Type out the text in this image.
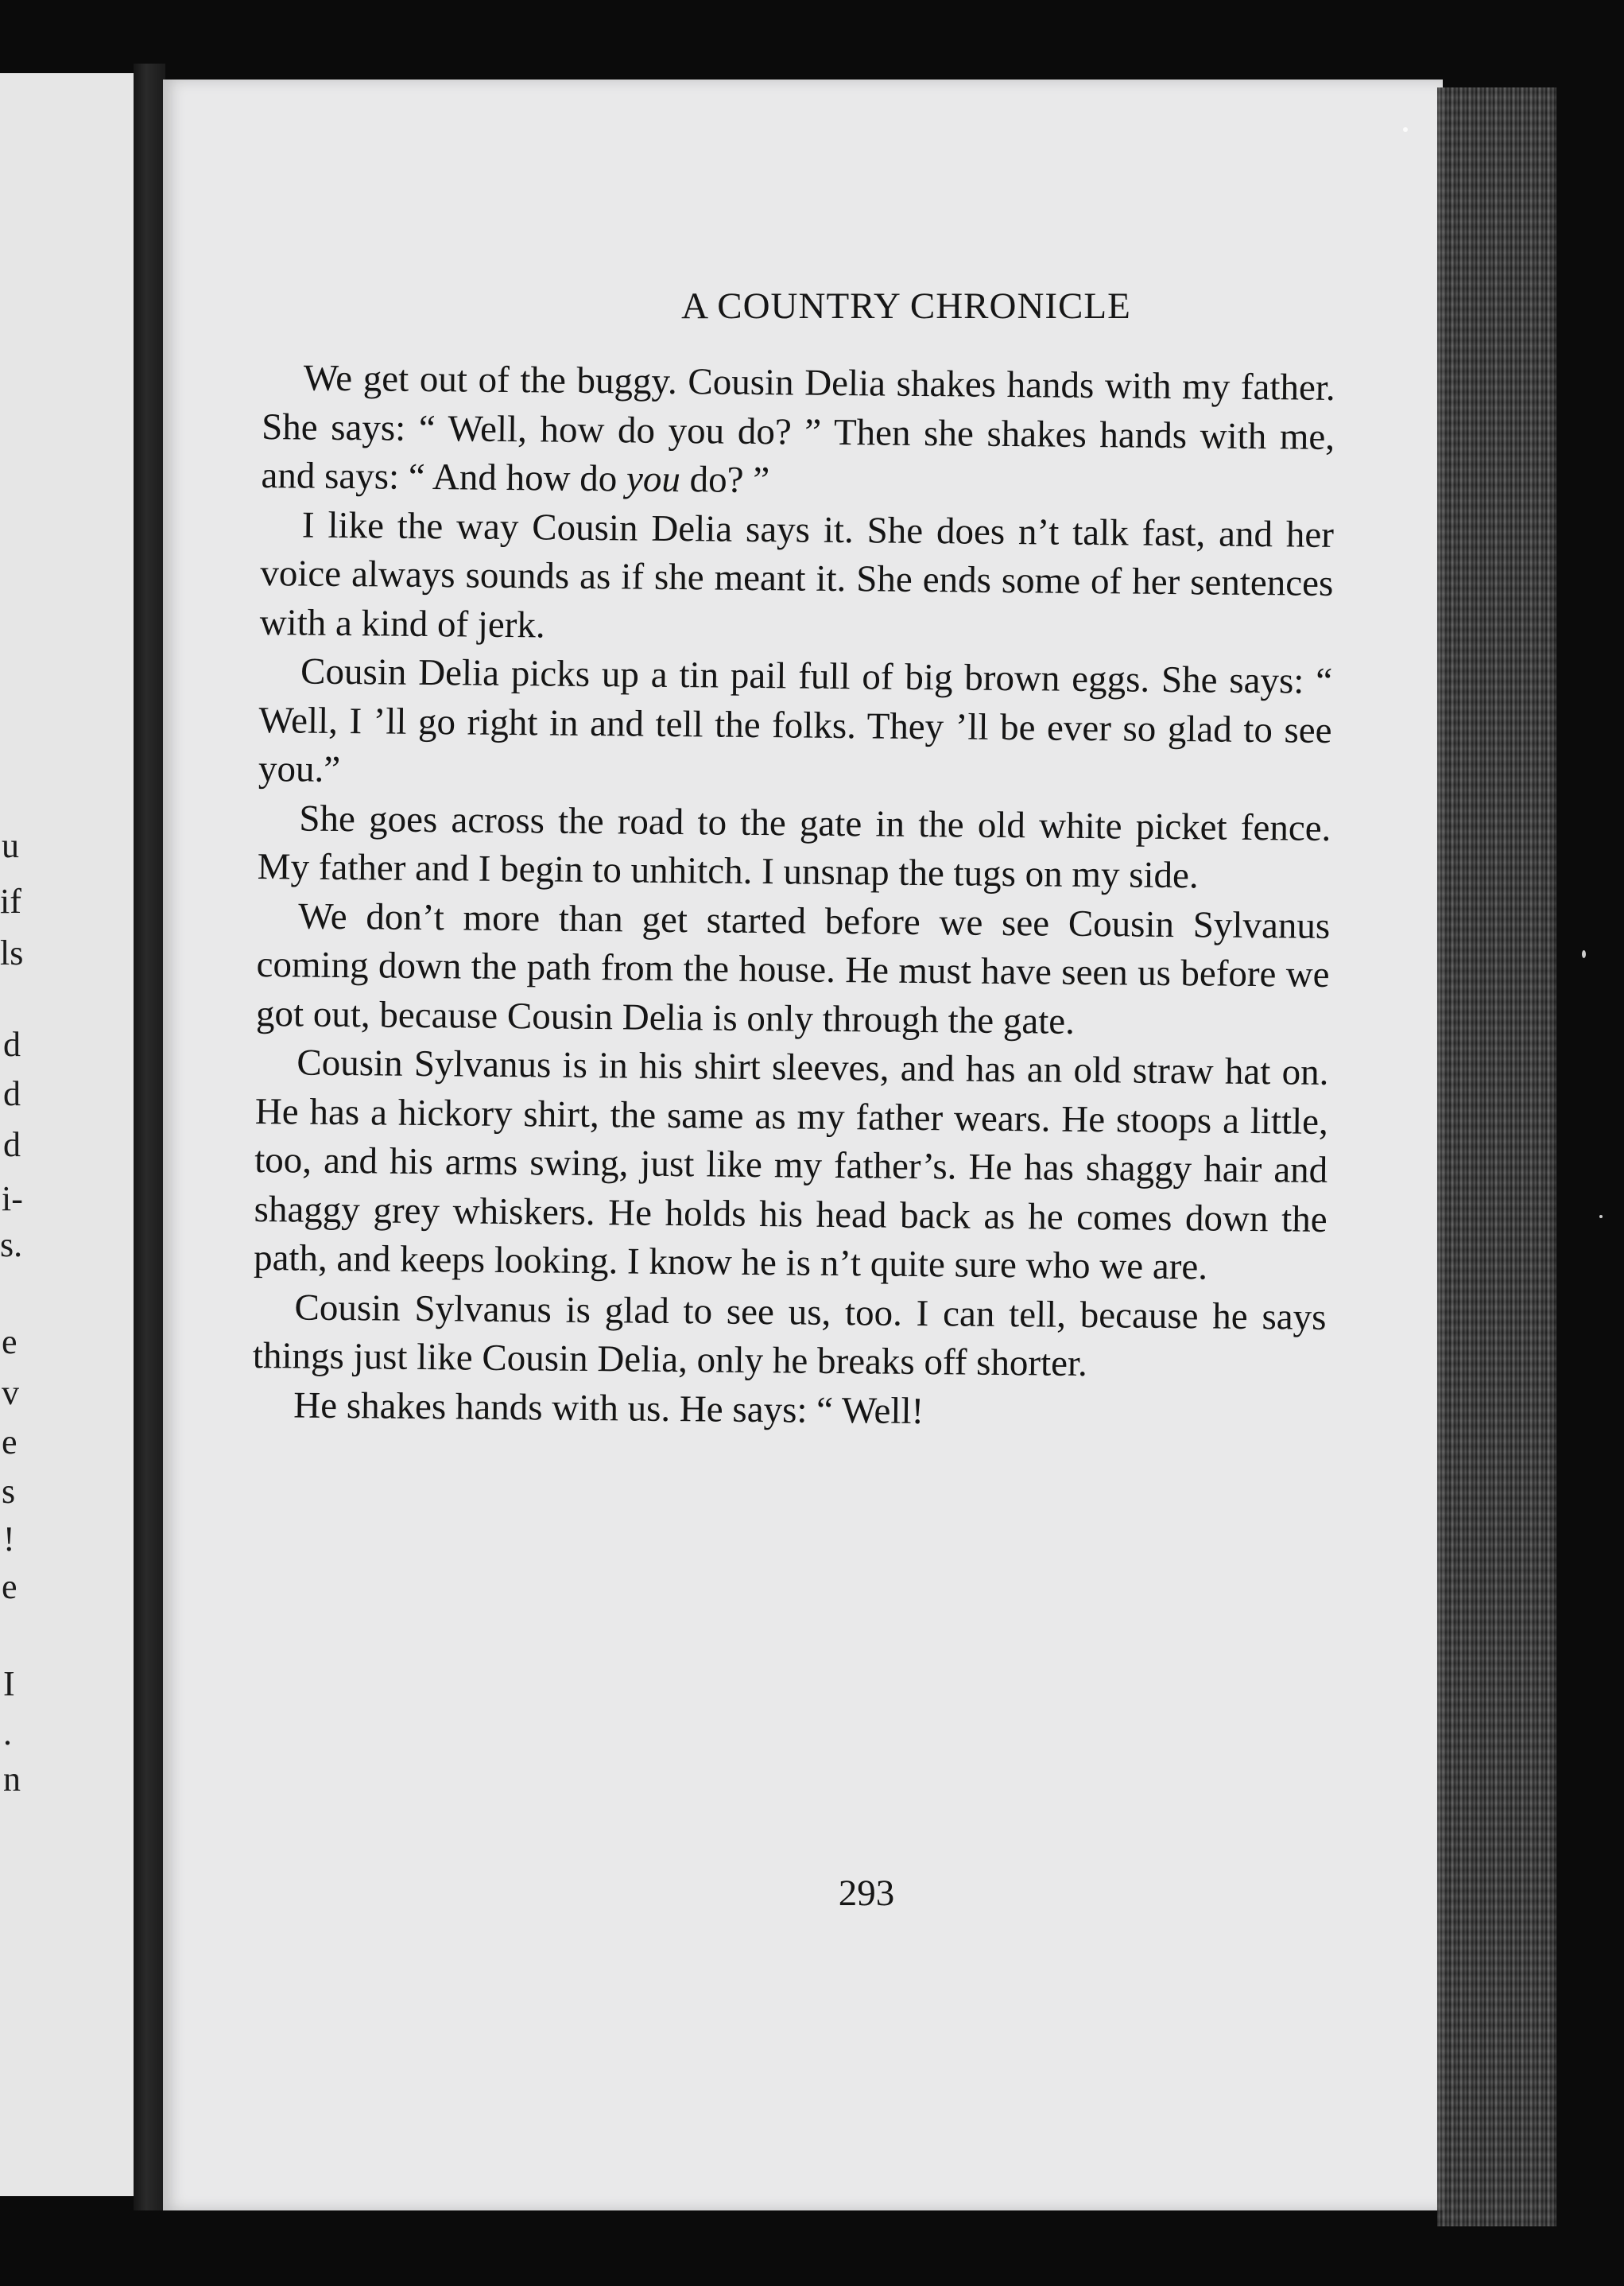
u
if
ls
d
d
d
i-
s.
e
v
e
s
!
e
I
.
n
A COUNTRY CHRONICLE

We get out of the buggy. Cousin Delia shakes hands with my father. She says: “ Well, how do you do? ” Then she shakes hands with me, and says: “ And how do you do? ”

I like the way Cousin Delia says it. She does n’t talk fast, and her voice always sounds as if she meant it. She ends some of her sentences with a kind of jerk.

Cousin Delia picks up a tin pail full of big brown eggs. She says: “ Well, I ’ll go right in and tell the folks. They ’ll be ever so glad to see you.”

She goes across the road to the gate in the old white picket fence. My father and I begin to unhitch. I unsnap the tugs on my side.

We don’t more than get started before we see Cousin Sylvanus coming down the path from the house. He must have seen us before we got out, because Cousin Delia is only through the gate.

Cousin Sylvanus is in his shirt sleeves, and has an old straw hat on. He has a hickory shirt, the same as my father wears. He stoops a little, too, and his arms swing, just like my father’s. He has shaggy hair and shaggy grey whiskers. He holds his head back as he comes down the path, and keeps looking. I know he is n’t quite sure who we are.

Cousin Sylvanus is glad to see us, too. I can tell, because he says things just like Cousin Delia, only he breaks off shorter.

He shakes hands with us. He says: “ Well!

293
